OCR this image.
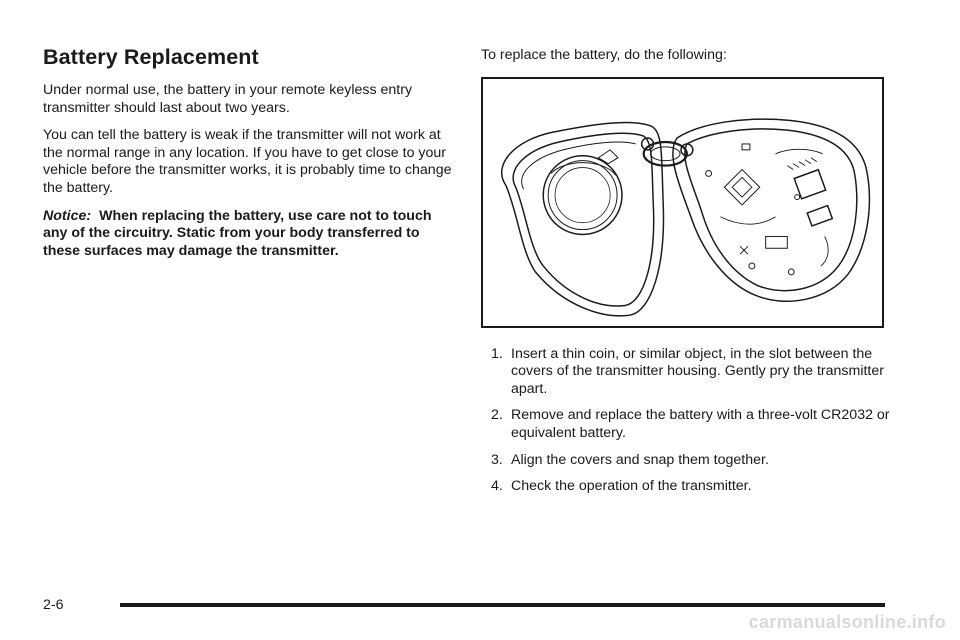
Battery Replacement

Under normal use, the battery in your remote keyless entry transmitter should last about two years.

You can tell the battery is weak if the transmitter will not work at the normal range in any location. If you have to get close to your vehicle before the transmitter works, it is probably time to change the battery.

Notice: When replacing the battery, use care not to touch any of the circuitry. Static from your body transferred to these surfaces may damage the transmitter.

To replace the battery, do the following:

1. Insert a thin coin, or similar object, in the slot between the covers of the transmitter housing. Gently pry the transmitter apart.
2. Remove and replace the battery with a three-volt CR2032 or equivalent battery.
3. Align the covers and snap them together.
4. Check the operation of the transmitter.
2-6
carmanualsonline.info
